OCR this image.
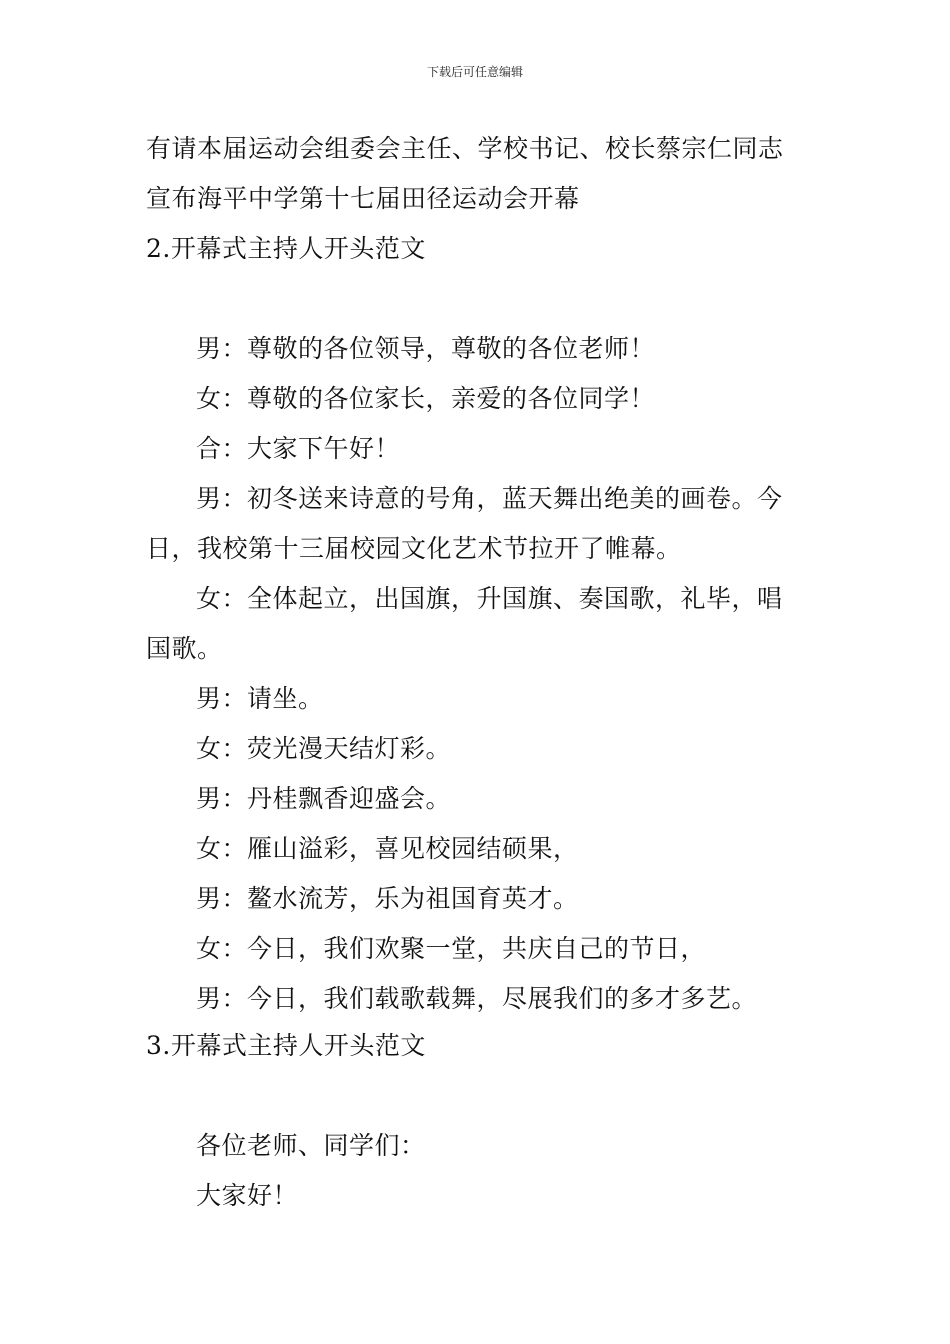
下载后可任意编辑
有请本届运动会组委会主任、学校书记、校长蔡宗仁同志
宣布海平中学第十七届田径运动会开幕
2.开幕式主持人开头范文
男：尊敬的各位领导，尊敬的各位老师！
女：尊敬的各位家长，亲爱的各位同学！
合：大家下午好！
男：初冬送来诗意的号角，蓝天舞出绝美的画卷。今
日，我校第十三届校园文化艺术节拉开了帷幕。
女：全体起立，出国旗，升国旗、奏国歌，礼毕，唱
国歌。
男：请坐。
女：荧光漫天结灯彩。
男：丹桂飘香迎盛会。
女：雁山溢彩，喜见校园结硕果，
男：鳌水流芳，乐为祖国育英才。
女：今日，我们欢聚一堂，共庆自己的节日，
男：今日，我们载歌载舞，尽展我们的多才多艺。
3.开幕式主持人开头范文
各位老师、同学们：
大家好！
